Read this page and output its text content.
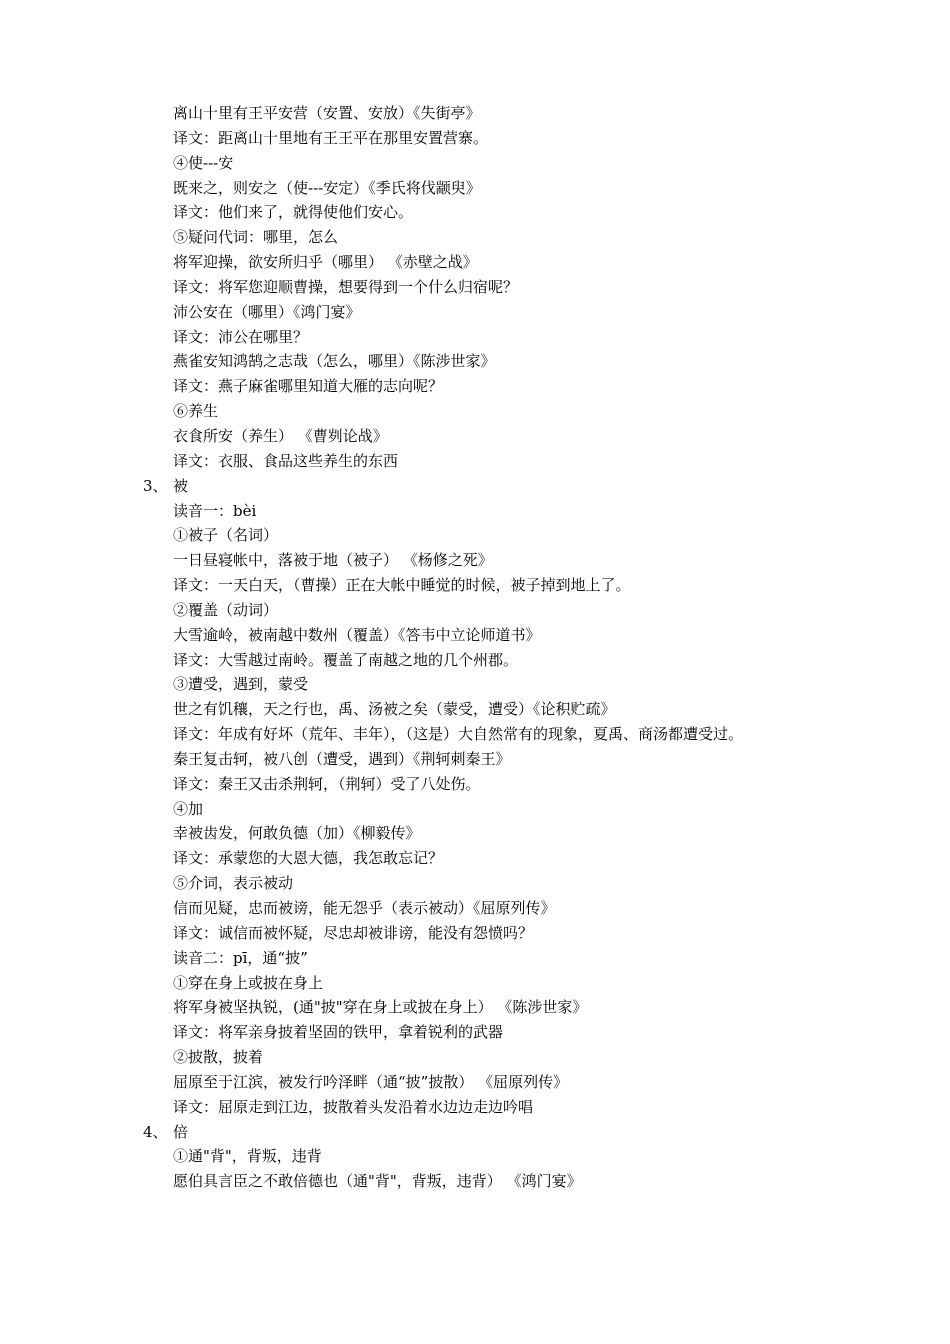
离山十里有王平安营（安置、安放）《失街亭》
译文：距离山十里地有王王平在那里安置营寨。
④使---安
既来之，则安之（使---安定）《季氏将伐颛臾》
译文：他们来了，就得使他们安心。
⑤疑问代词：哪里，怎么
将军迎操，欲安所归乎（哪里） 《赤壁之战》
译文：将军您迎顺曹操，想要得到一个什么归宿呢？
沛公安在（哪里）《鸿门宴》
译文：沛公在哪里？
燕雀安知鸿鹄之志哉（怎么，哪里）《陈涉世家》
译文：燕子麻雀哪里知道大雁的志向呢？
⑥养生
衣食所安（养生） 《曹刿论战》
译文：衣服、食品这些养生的东西
3、 被
读音一：bèi
①被子（名词）
一日昼寝帐中，落被于地（被子） 《杨修之死》
译文：一天白天，（曹操）正在大帐中睡觉的时候，被子掉到地上了。
②覆盖（动词）
大雪逾岭，被南越中数州（覆盖）《答韦中立论师道书》
译文：大雪越过南岭。覆盖了南越之地的几个州郡。
③遭受，遇到，蒙受
世之有饥穰，天之行也，禹、汤被之矣（蒙受，遭受）《论积贮疏》
译文：年成有好坏（荒年、丰年），（这是）大自然常有的现象，夏禹、商汤都遭受过。
秦王复击轲，被八创（遭受，遇到）《荆轲刺秦王》
译文：秦王又击杀荆轲，（荆轲）受了八处伤。
④加
幸被齿发，何敢负德（加）《柳毅传》
译文：承蒙您的大恩大德，我怎敢忘记？
⑤介词，表示被动
信而见疑，忠而被谤，能无怨乎（表示被动）《屈原列传》
译文：诚信而被怀疑，尽忠却被诽谤，能没有怨愤吗？
读音二：pī，通“披”
①穿在身上或披在身上
将军身被坚执锐，(通"披"穿在身上或披在身上） 《陈涉世家》
译文：将军亲身披着坚固的铁甲，拿着锐利的武器
②披散，披着
屈原至于江滨，被发行吟泽畔（通“披”披散） 《屈原列传》
译文：屈原走到江边，披散着头发沿着水边边走边吟唱
4、 倍
①通"背"，背叛，违背
愿伯具言臣之不敢倍德也（通"背"，背叛，违背） 《鸿门宴》
